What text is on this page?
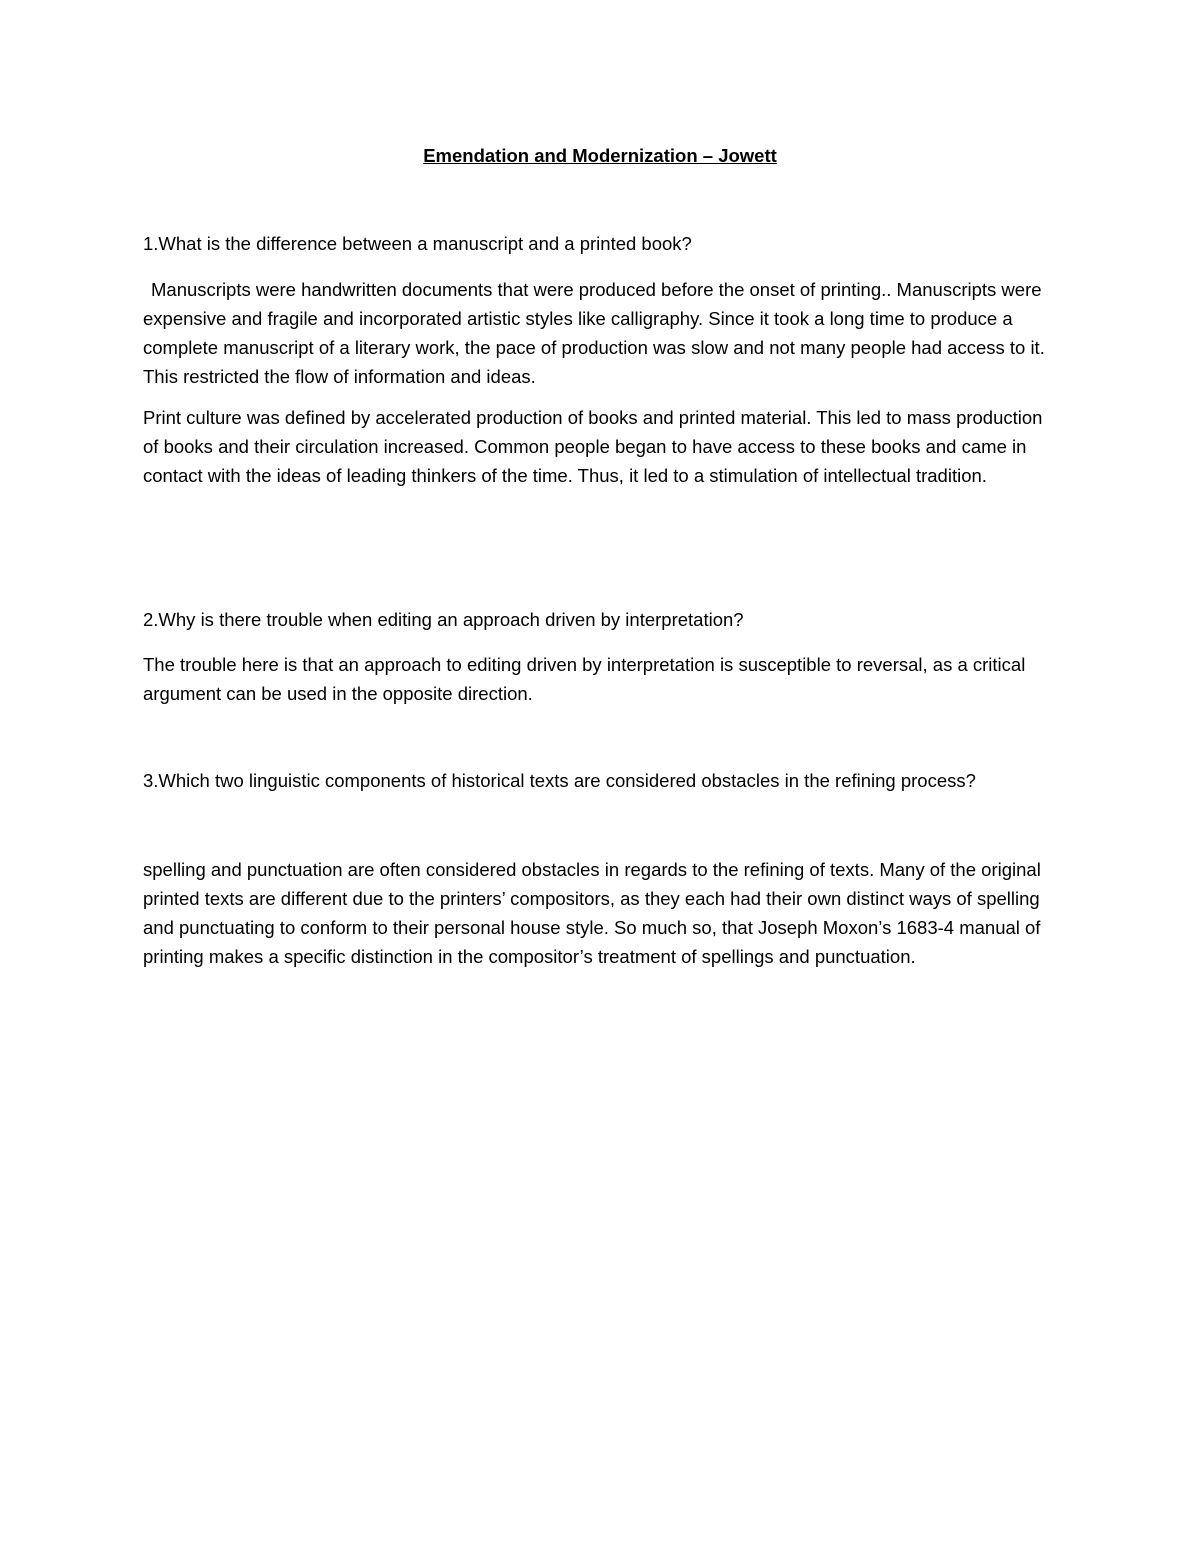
Emendation and Modernization – Jowett

1.What is the difference between a manuscript and a printed book?

Manuscripts were handwritten documents that were produced before the onset of printing.. Manuscripts were expensive and fragile and incorporated artistic styles like calligraphy. Since it took a long time to produce a complete manuscript of a literary work, the pace of production was slow and not many people had access to it. This restricted the flow of information and ideas.

Print culture was defined by accelerated production of books and printed material. This led to mass production of books and their circulation increased. Common people began to have access to these books and came in contact with the ideas of leading thinkers of the time. Thus, it led to a stimulation of intellectual tradition.

2.Why is there trouble when editing an approach driven by interpretation?

The trouble here is that an approach to editing driven by interpretation is susceptible to reversal, as a critical argument can be used in the opposite direction.

3.Which two linguistic components of historical texts are considered obstacles in the refining process?

spelling and punctuation are often considered obstacles in regards to the refining of texts. Many of the original printed texts are different due to the printers’ compositors, as they each had their own distinct ways of spelling and punctuating to conform to their personal house style. So much so, that Joseph Moxon’s 1683-4 manual of printing makes a specific distinction in the compositor’s treatment of spellings and punctuation.
